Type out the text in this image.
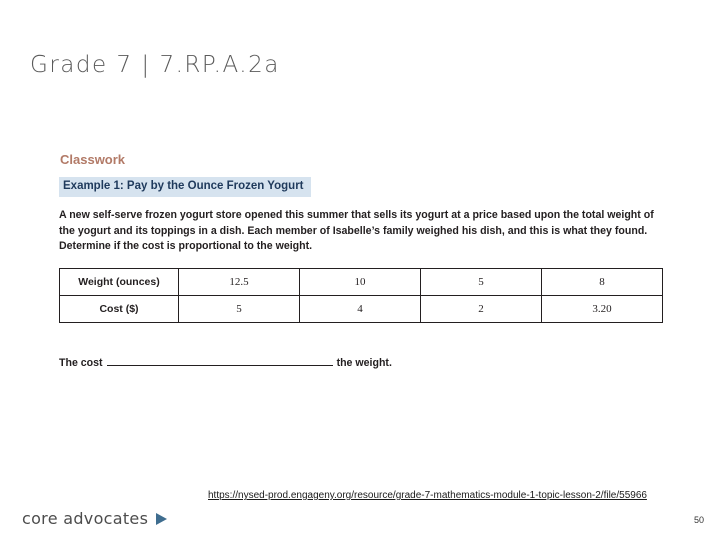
Grade 7 | 7.RP.A.2a
Classwork
Example 1: Pay by the Ounce Frozen Yogurt
A new self-serve frozen yogurt store opened this summer that sells its yogurt at a price based upon the total weight of
the yogurt and its toppings in a dish. Each member of Isabelle’s family weighed his dish, and this is what they found.
Determine if the cost is proportional to the weight.
Weight (ounces)	12.5	10	5	8
Cost ($)	5	4	2	3.20
The cost	the weight.
https://nysed-prod.engageny.org/resource/grade-7-mathematics-module-1-topic-lesson-2/file/55966
core advocates	50
